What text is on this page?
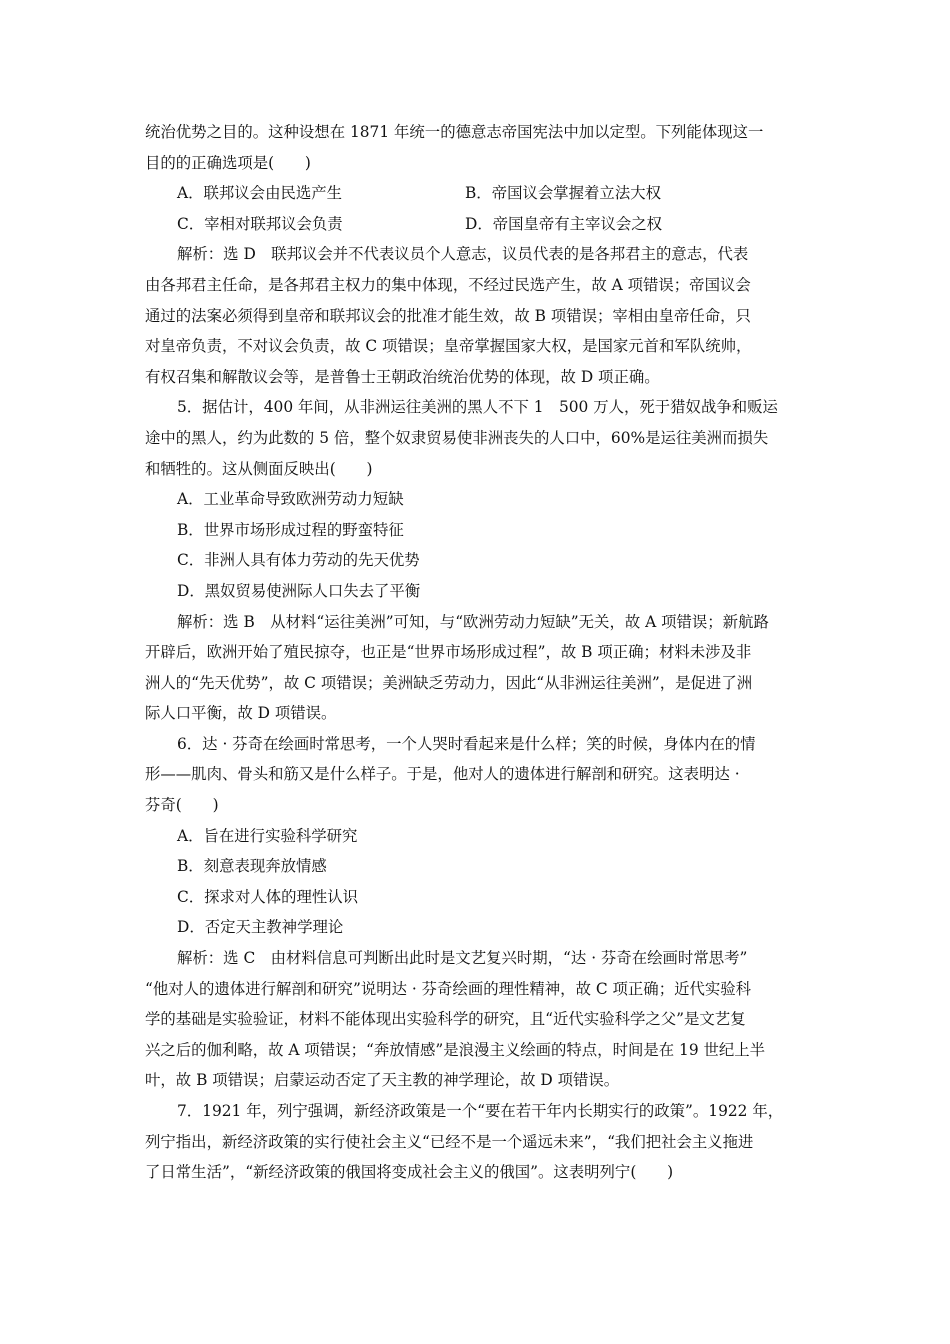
统治优势之目的。这种设想在 1871 年统一的德意志帝国宪法中加以定型。下列能体现这一
目的的正确选项是(　　)
A．联邦议会由民选产生	B．帝国议会掌握着立法大权
C．宰相对联邦议会负责	D．帝国皇帝有主宰议会之权
解析：选 D　联邦议会并不代表议员个人意志，议员代表的是各邦君主的意志，代表
由各邦君主任命，是各邦君主权力的集中体现，不经过民选产生，故 A 项错误；帝国议会
通过的法案必须得到皇帝和联邦议会的批准才能生效，故 B 项错误；宰相由皇帝任命，只
对皇帝负责，不对议会负责，故 C 项错误；皇帝掌握国家大权，是国家元首和军队统帅，
有权召集和解散议会等，是普鲁士王朝政治统治优势的体现，故 D 项正确。
5．据估计，400 年间，从非洲运往美洲的黑人不下 1　500 万人，死于猎奴战争和贩运
途中的黑人，约为此数的 5 倍，整个奴隶贸易使非洲丧失的人口中，60%是运往美洲而损失
和牺牲的。这从侧面反映出(　　)
A．工业革命导致欧洲劳动力短缺
B．世界市场形成过程的野蛮特征
C．非洲人具有体力劳动的先天优势
D．黑奴贸易使洲际人口失去了平衡
解析：选 B　从材料“运往美洲”可知，与“欧洲劳动力短缺”无关，故 A 项错误；新航路
开辟后，欧洲开始了殖民掠夺，也正是“世界市场形成过程”，故 B 项正确；材料未涉及非
洲人的“先天优势”，故 C 项错误；美洲缺乏劳动力，因此“从非洲运往美洲”，是促进了洲
际人口平衡，故 D 项错误。
6．达 · 芬奇在绘画时常思考，一个人哭时看起来是什么样；笑的时候，身体内在的情
形——肌肉、骨头和筋又是什么样子。于是，他对人的遗体进行解剖和研究。这表明达 ·
芬奇(　　)
A．旨在进行实验科学研究
B．刻意表现奔放情感
C．探求对人体的理性认识
D．否定天主教神学理论
解析：选 C　由材料信息可判断出此时是文艺复兴时期，“达 · 芬奇在绘画时常思考”
“他对人的遗体进行解剖和研究”说明达 · 芬奇绘画的理性精神，故 C 项正确；近代实验科
学的基础是实验验证，材料不能体现出实验科学的研究，且“近代实验科学之父”是文艺复
兴之后的伽利略，故 A 项错误；“奔放情感”是浪漫主义绘画的特点，时间是在 19 世纪上半
叶，故 B 项错误；启蒙运动否定了天主教的神学理论，故 D 项错误。
7．1921 年，列宁强调，新经济政策是一个“要在若干年内长期实行的政策”。1922 年，
列宁指出，新经济政策的实行使社会主义“已经不是一个遥远未来”，“我们把社会主义拖进
了日常生活”，“新经济政策的俄国将变成社会主义的俄国”。这表明列宁(　　)
